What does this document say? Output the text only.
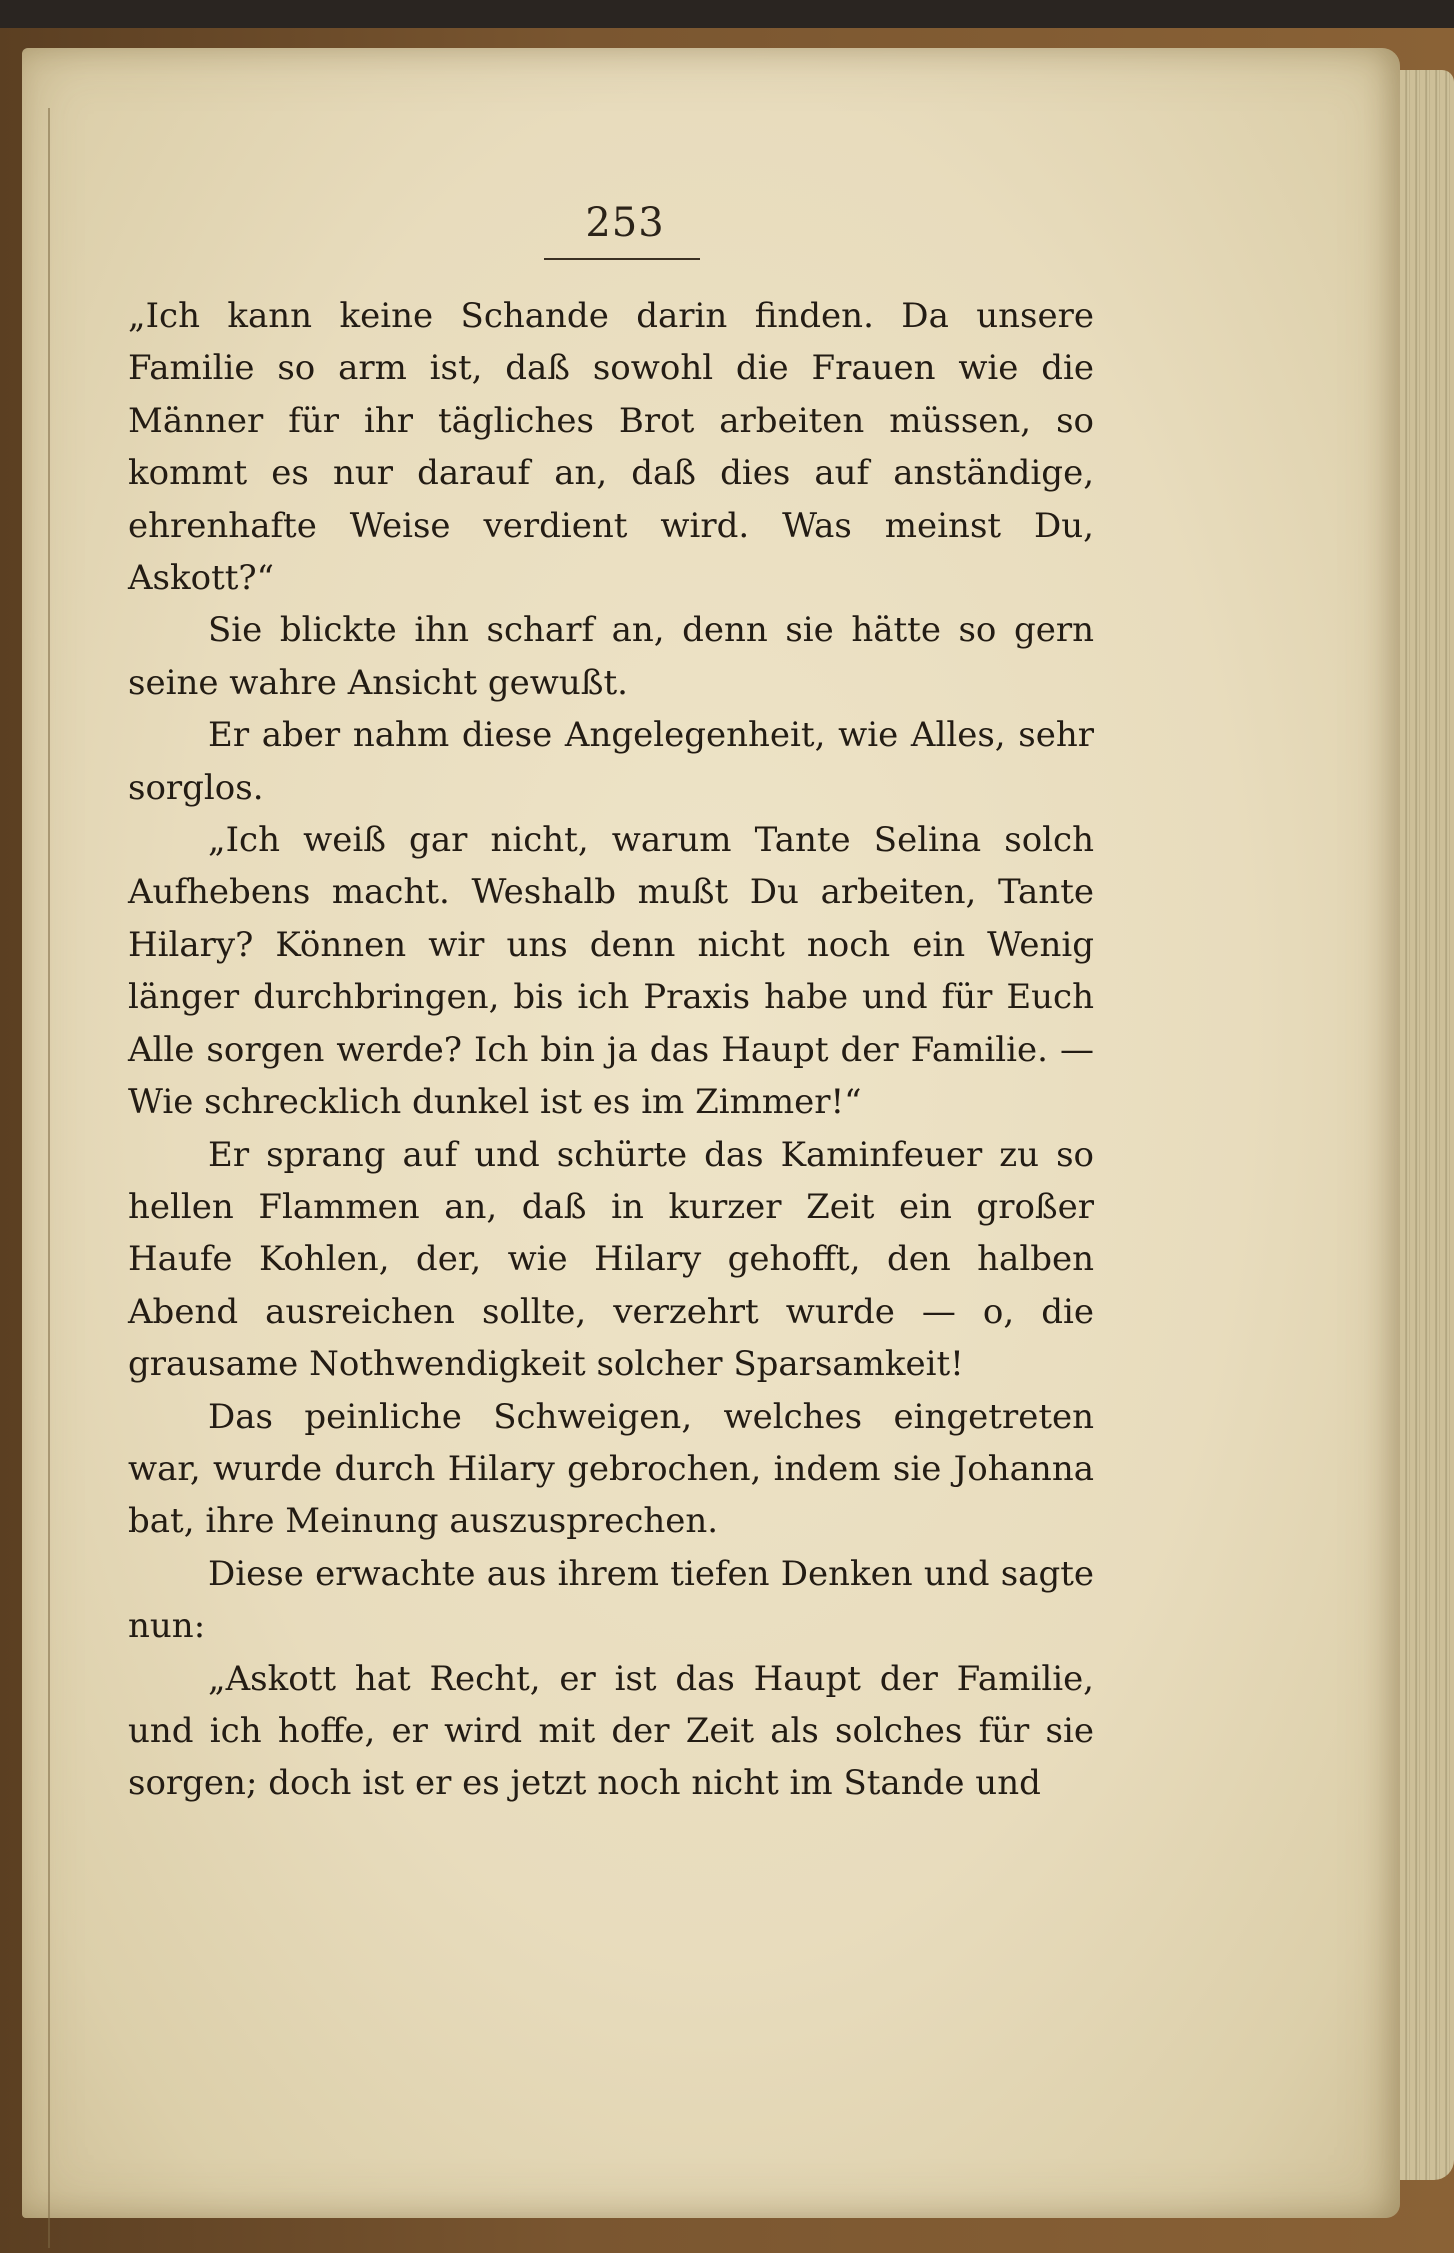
253

„Ich kann keine Schande darin finden. Da unsere Familie so arm ist, daß sowohl die Frauen wie die Männer für ihr tägliches Brot arbeiten müssen, so kommt es nur darauf an, daß dies auf anständige, ehrenhafte Weise verdient wird. Was meinst Du, Askott?“

Sie blickte ihn scharf an, denn sie hätte so gern seine wahre Ansicht gewußt.

Er aber nahm diese Angelegenheit, wie Alles, sehr sorglos.

„Ich weiß gar nicht, warum Tante Selina solch Aufhebens macht. Weshalb mußt Du arbeiten, Tante Hilary? Können wir uns denn nicht noch ein Wenig länger durchbringen, bis ich Praxis habe und für Euch Alle sorgen werde? Ich bin ja das Haupt der Familie. — Wie schrecklich dunkel ist es im Zimmer!“

Er sprang auf und schürte das Kaminfeuer zu so hellen Flammen an, daß in kurzer Zeit ein großer Haufe Kohlen, der, wie Hilary gehofft, den halben Abend ausreichen sollte, verzehrt wurde — o, die grausame Nothwendigkeit solcher Sparsamkeit!

Das peinliche Schweigen, welches eingetreten war, wurde durch Hilary gebrochen, indem sie Johanna bat, ihre Meinung auszusprechen.

Diese erwachte aus ihrem tiefen Denken und sagte nun:

„Askott hat Recht, er ist das Haupt der Familie, und ich hoffe, er wird mit der Zeit als solches für sie sorgen; doch ist er es jetzt noch nicht im Stande und
